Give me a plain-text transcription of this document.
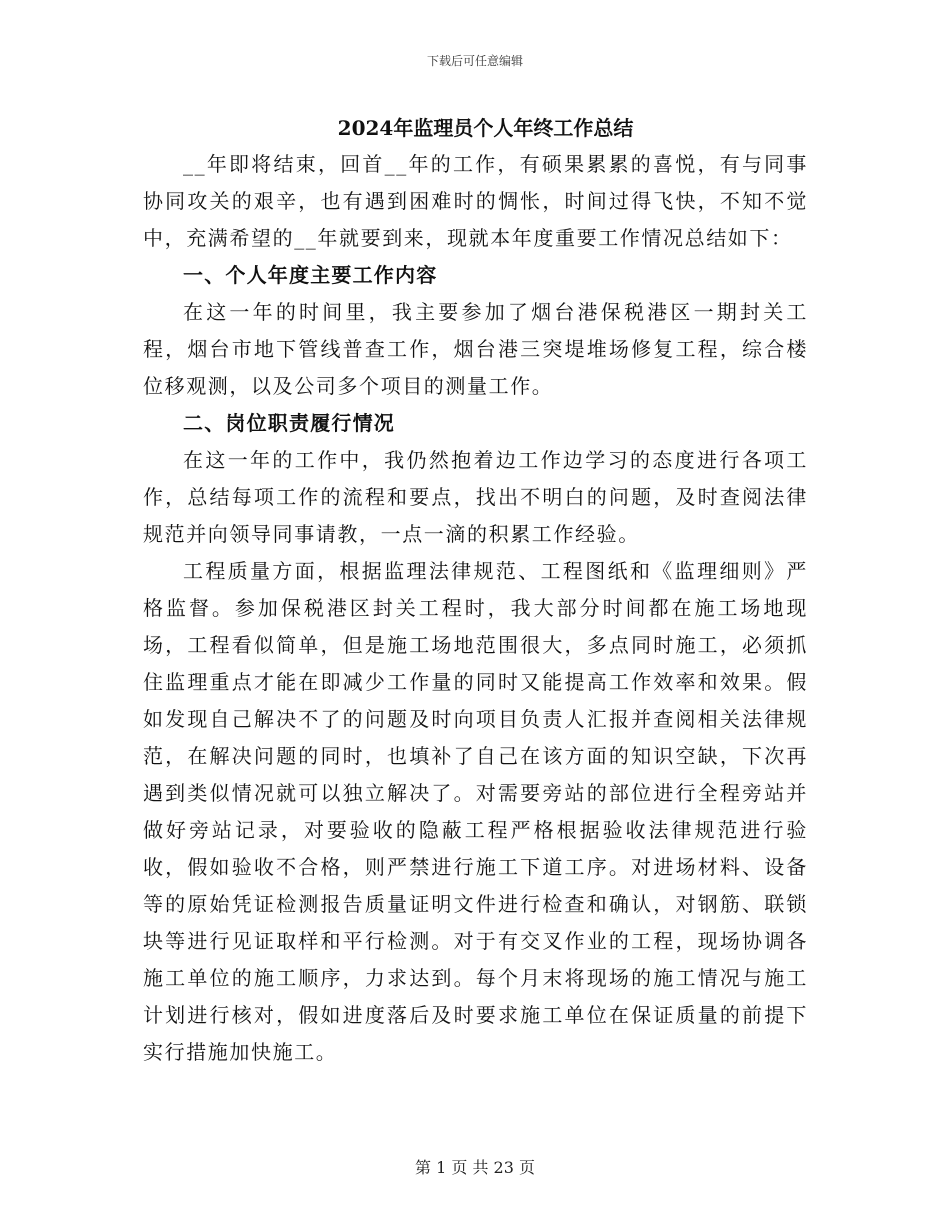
下载后可任意编辑
2024年监理员个人年终工作总结

__年即将结束，回首__年的工作，有硕果累累的喜悦，有与同事协同攻关的艰辛，也有遇到困难时的惆怅，时间过得飞快，不知不觉中，充满希望的__年就要到来，现就本年度重要工作情况总结如下：

一、个人年度主要工作内容

在这一年的时间里，我主要参加了烟台港保税港区一期封关工程，烟台市地下管线普查工作，烟台港三突堤堆场修复工程，综合楼位移观测，以及公司多个项目的测量工作。

二、岗位职责履行情况

在这一年的工作中，我仍然抱着边工作边学习的态度进行各项工作，总结每项工作的流程和要点，找出不明白的问题，及时查阅法律规范并向领导同事请教，一点一滴的积累工作经验。

工程质量方面，根据监理法律规范、工程图纸和《监理细则》严格监督。参加保税港区封关工程时，我大部分时间都在施工场地现场，工程看似简单，但是施工场地范围很大，多点同时施工，必须抓住监理重点才能在即减少工作量的同时又能提高工作效率和效果。假如发现自己解决不了的问题及时向项目负责人汇报并查阅相关法律规范，在解决问题的同时，也填补了自己在该方面的知识空缺，下次再遇到类似情况就可以独立解决了。对需要旁站的部位进行全程旁站并做好旁站记录，对要验收的隐蔽工程严格根据验收法律规范进行验收，假如验收不合格，则严禁进行施工下道工序。对进场材料、设备等的原始凭证检测报告质量证明文件进行检查和确认，对钢筋、联锁块等进行见证取样和平行检测。对于有交叉作业的工程，现场协调各施工单位的施工顺序，力求达到。每个月末将现场的施工情况与施工计划进行核对，假如进度落后及时要求施工单位在保证质量的前提下实行措施加快施工。

第 1 页 共 23 页
